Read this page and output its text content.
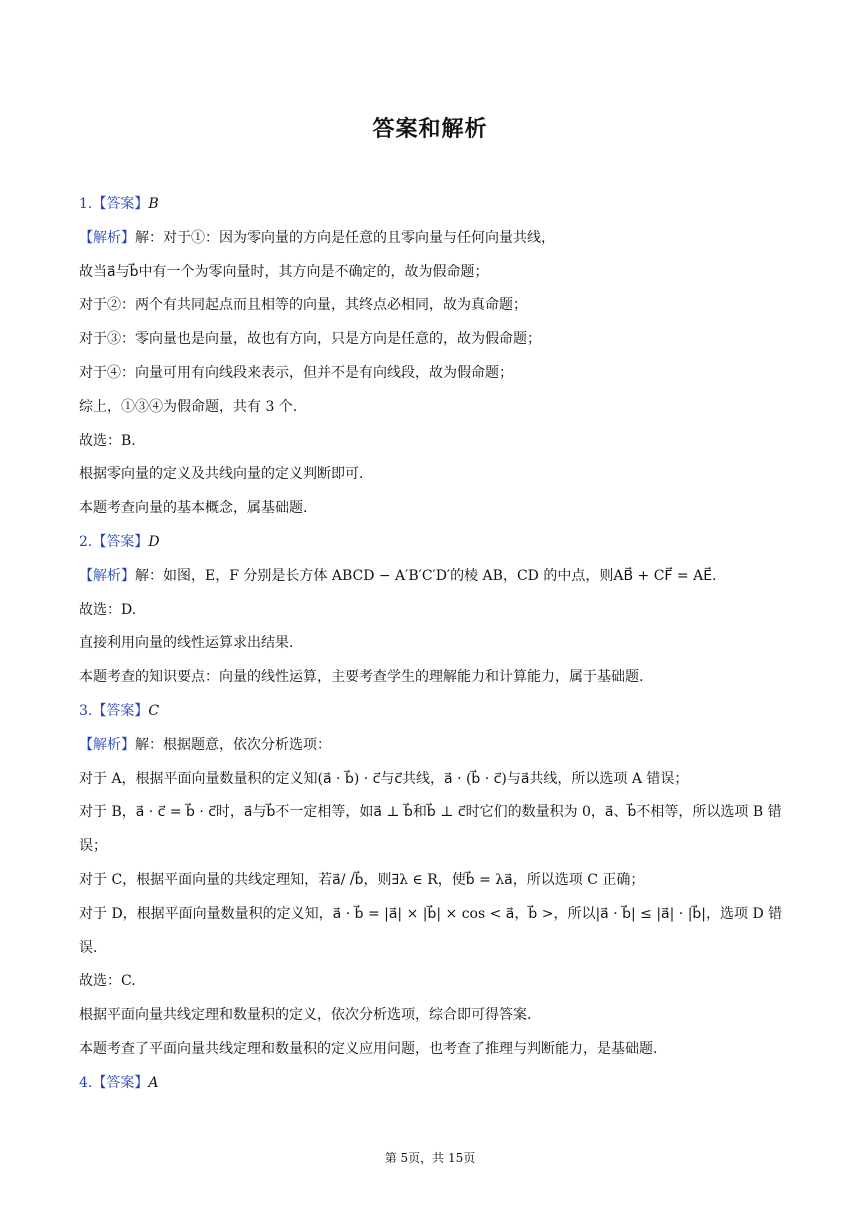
答案和解析
1.【答案】B
【解析】解：对于①：因为零向量的方向是任意的且零向量与任何向量共线，
故当a⃗与b⃗中有一个为零向量时，其方向是不确定的，故为假命题；
对于②：两个有共同起点而且相等的向量，其终点必相同，故为真命题；
对于③：零向量也是向量，故也有方向，只是方向是任意的，故为假命题；
对于④：向量可用有向线段来表示，但并不是有向线段，故为假命题；
综上，①③④为假命题，共有 3 个.
故选：B.
根据零向量的定义及共线向量的定义判断即可.
本题考查向量的基本概念，属基础题.
2.【答案】D
【解析】解：如图，E，F 分别是长方体 ABCD − A′B′C′D′的棱 AB，CD 的中点，则AB⃗ + CF⃗ = AE⃗.
故选：D.
直接利用向量的线性运算求出结果.
本题考查的知识要点：向量的线性运算，主要考查学生的理解能力和计算能力，属于基础题.
3.【答案】C
【解析】解：根据题意，依次分析选项：
对于 A，根据平面向量数量积的定义知(a⃗ · b⃗) · c⃗与c⃗共线，a⃗ · (b⃗ · c⃗)与a⃗共线，所以选项 A 错误；
对于 B，a⃗ · c⃗ = b⃗ · c⃗时，a⃗与b⃗不一定相等，如a⃗ ⊥ b⃗和b⃗ ⊥ c⃗时它们的数量积为 0，a⃗、b⃗不相等，所以选项 B 错误；
对于 C，根据平面向量的共线定理知，若a⃗/ /b⃗，则∃λ ∈ R，使b⃗ = λa⃗，所以选项 C 正确；
对于 D，根据平面向量数量积的定义知，a⃗ · b⃗ = |a⃗| × |b⃗| × cos < a⃗，b⃗ >，所以|a⃗ · b⃗| ≤ |a⃗| · |b⃗|，选项 D 错误.
故选：C.
根据平面向量共线定理和数量积的定义，依次分析选项，综合即可得答案.
本题考查了平面向量共线定理和数量积的定义应用问题，也考查了推理与判断能力，是基础题.
4.【答案】A
第 5页，共 15页
